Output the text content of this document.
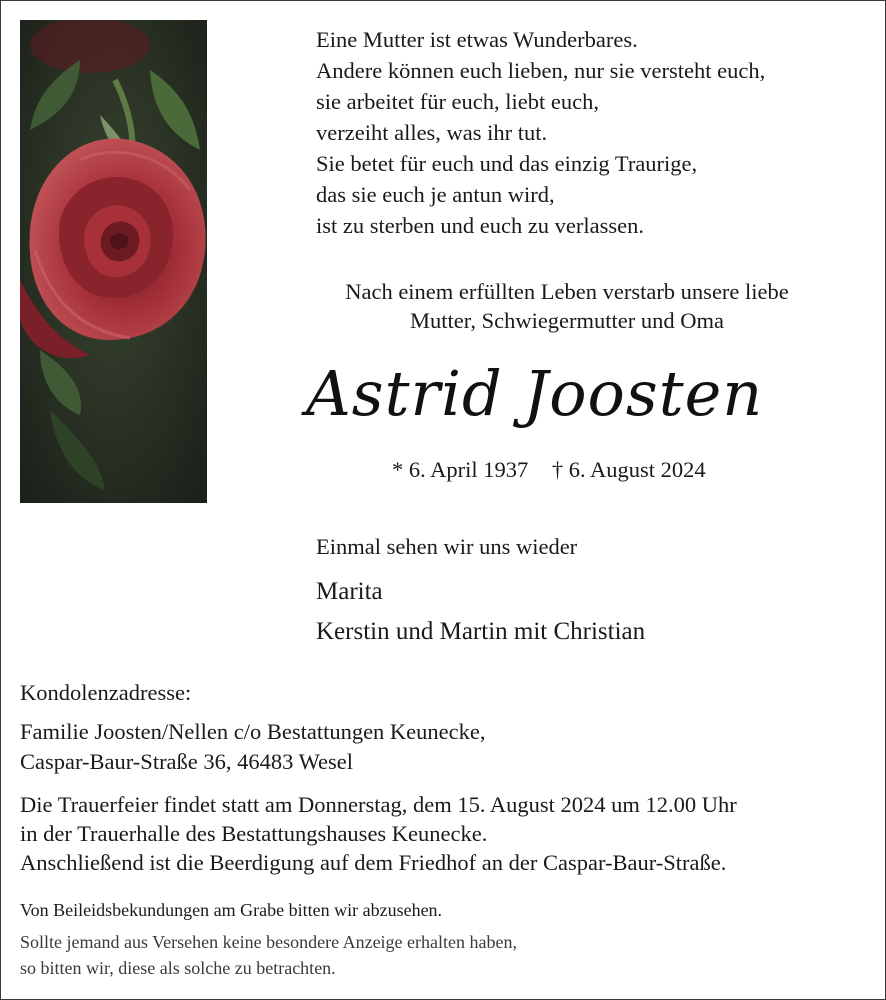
Eine Mutter ist etwas Wunderbares.
Andere können euch lieben, nur sie versteht euch,
sie arbeitet für euch, liebt euch,
verzeiht alles, was ihr tut.
Sie betet für euch und das einzig Traurige,
das sie euch je antun wird,
ist zu sterben und euch zu verlassen.
Nach einem erfüllten Leben verstarb unsere liebe
Mutter, Schwiegermutter und Oma
Astrid Joosten
* 6. April 1937 † 6. August 2024
Einmal sehen wir uns wieder
Marita
Kerstin und Martin mit Christian
Kondolenzadresse:
Familie Joosten/Nellen c/o Bestattungen Keunecke,
Caspar-Baur-Straße 36, 46483 Wesel
Die Trauerfeier findet statt am Donnerstag, dem 15. August 2024 um 12.00 Uhr
in der Trauerhalle des Bestattungshauses Keunecke.
Anschließend ist die Beerdigung auf dem Friedhof an der Caspar-Baur-Straße.
Von Beileidsbekundungen am Grabe bitten wir abzusehen.
Sollte jemand aus Versehen keine besondere Anzeige erhalten haben,
so bitten wir, diese als solche zu betrachten.
